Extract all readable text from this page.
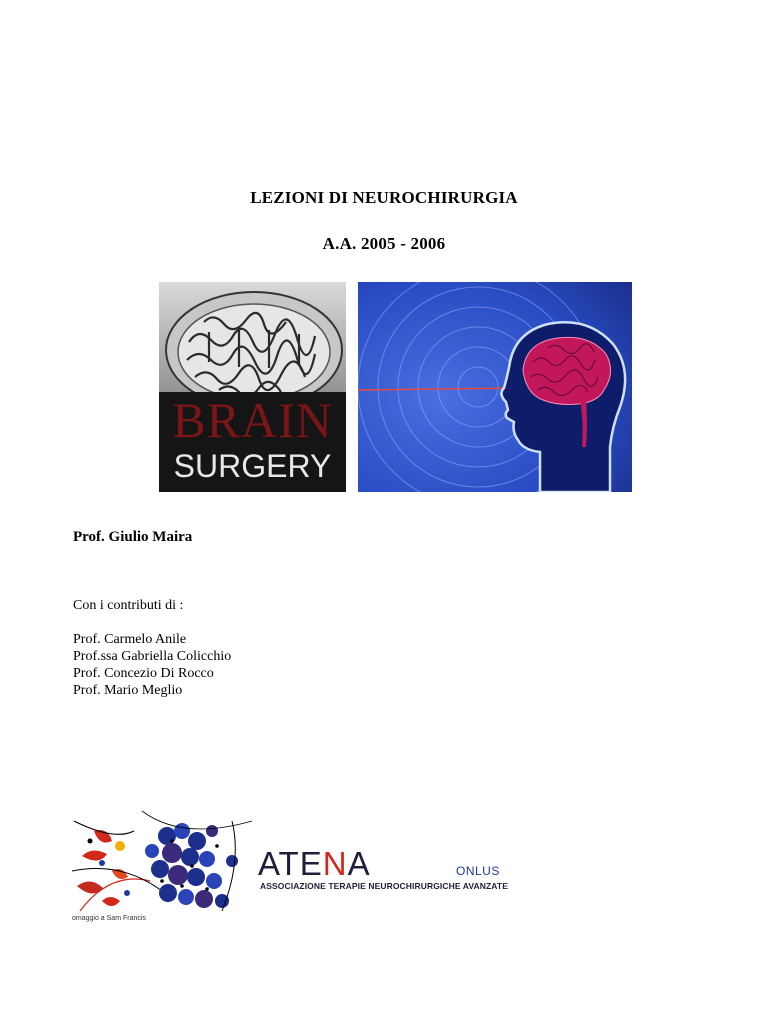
LEZIONI DI NEUROCHIRURGIA
A.A. 2005 - 2006
BRAIN
SURGERY
Prof. Giulio Maira
Con i contributi di :
Prof. Carmelo Anile
Prof.ssa Gabriella Colicchio
Prof. Concezio Di Rocco
Prof. Mario Meglio
ATENA	ONLUS
ASSOCIAZIONE TERAPIE NEUROCHIRURGICHE AVANZATE
omaggio a Sam Francis
